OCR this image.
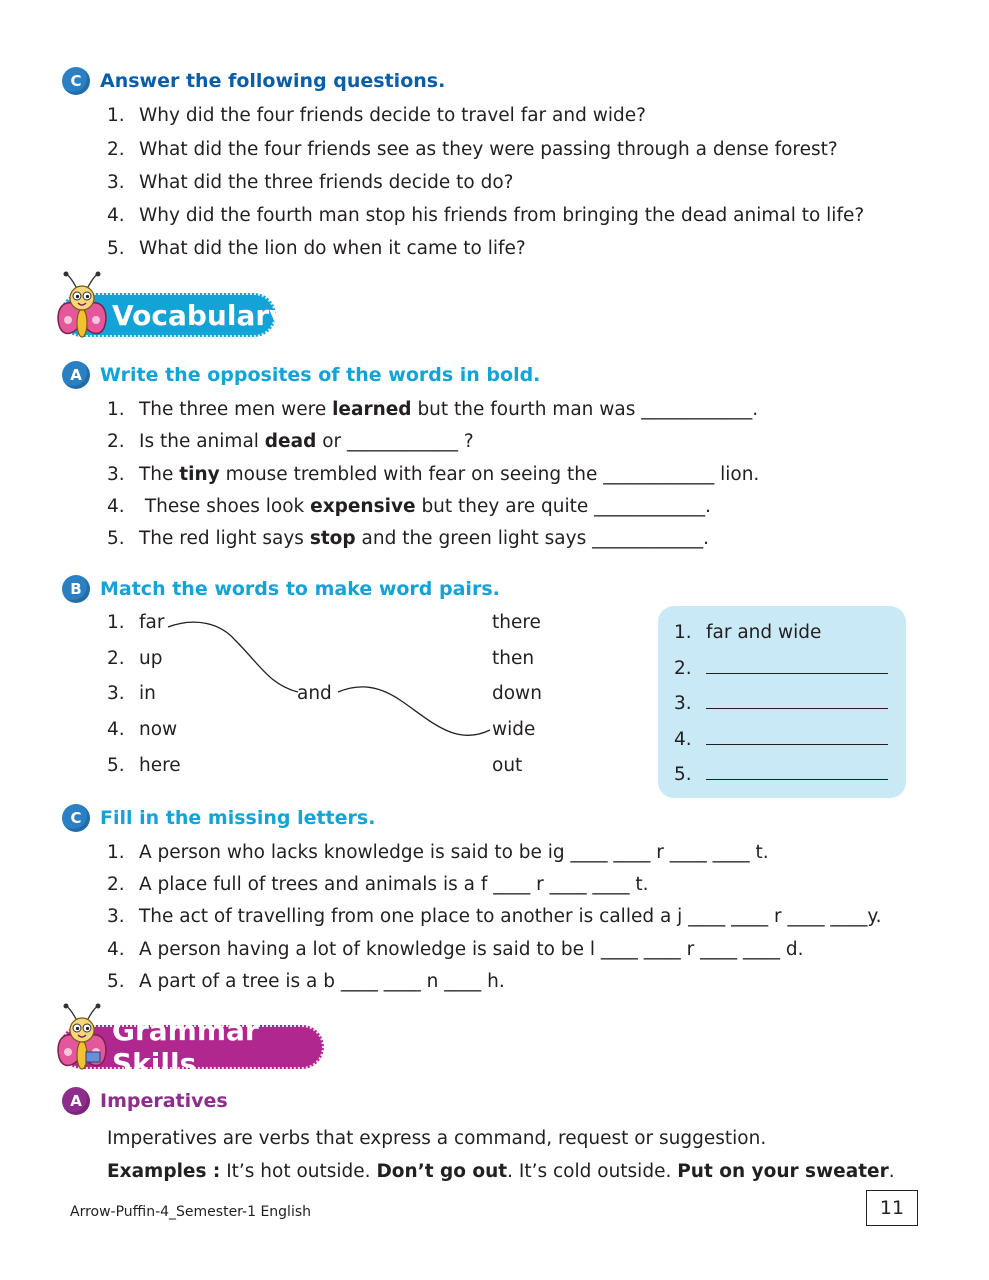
C Answer the following questions.
1. Why did the four friends decide to travel far and wide?
2. What did the four friends see as they were passing through a dense forest?
3. What did the three friends decide to do?
4. Why did the fourth man stop his friends from bringing the dead animal to life?
5. What did the lion do when it came to life?
Vocabulary
A Write the opposites of the words in bold.
1. The three men were learned but the fourth man was ____________.
2. Is the animal dead or ____________ ?
3. The tiny mouse trembled with fear on seeing the ____________ lion.
4. These shoes look expensive but they are quite ____________.
5. The red light says stop and the green light says ____________.
B Match the words to make word pairs.
1. far
2. up
3. in
4. now
5. here
and
there
then
down
wide
out
1. far and wide
2.
3.
4.
5.
C Fill in the missing letters.
1. A person who lacks knowledge is said to be ig ____ ____ r ____ ____ t.
2. A place full of trees and animals is a f ____ r ____ ____ t.
3. The act of travelling from one place to another is called a j ____ ____ r ____ ____y.
4. A person having a lot of knowledge is said to be l ____ ____ r ____ ____ d.
5. A part of a tree is a b ____ ____ n ____ h.
Grammar Skills
A Imperatives
Imperatives are verbs that express a command, request or suggestion.
Examples : It’s hot outside. Don’t go out. It’s cold outside. Put on your sweater.
Arrow-Puffin-4_Semester-1 English	11
